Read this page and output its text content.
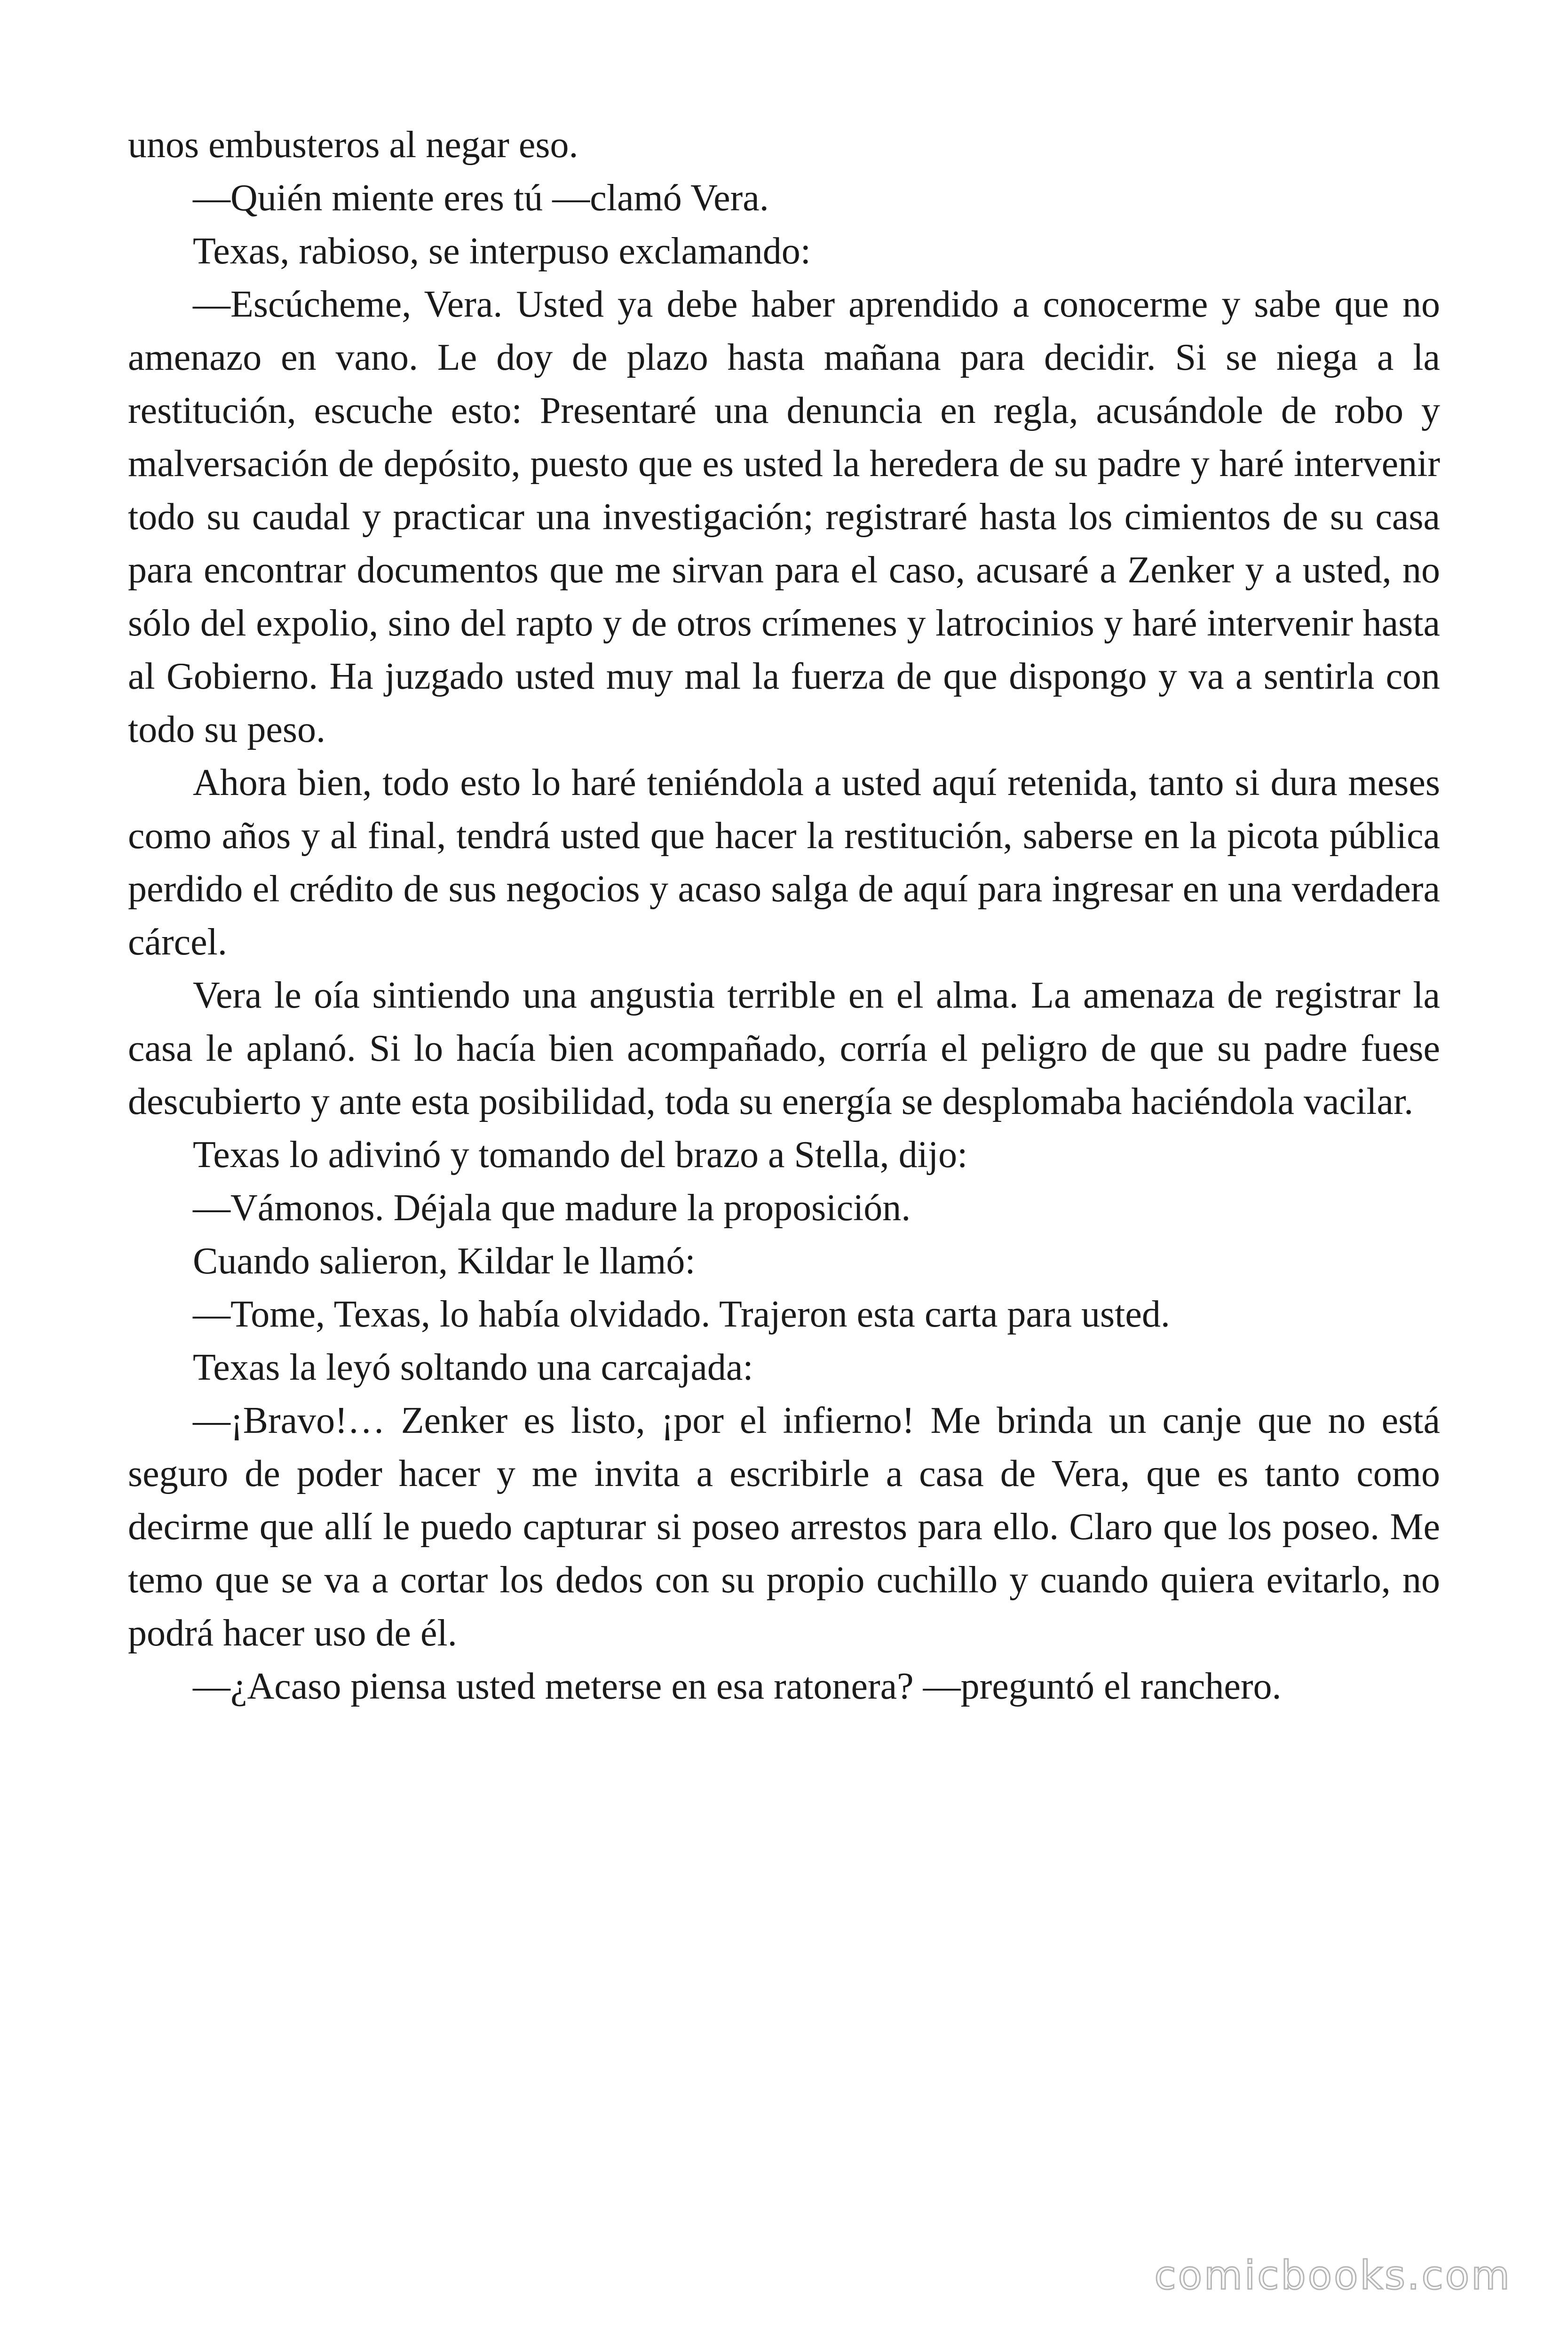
unos embusteros al negar eso.

—Quién miente eres tú —clamó Vera.

Texas, rabioso, se interpuso exclamando:

—Escúcheme, Vera. Usted ya debe haber aprendido a conocerme y sabe que no amenazo en vano. Le doy de plazo hasta mañana para decidir. Si se niega a la restitución, escuche esto: Presentaré una denuncia en regla, acusándole de robo y malversación de depósito, puesto que es usted la heredera de su padre y haré intervenir todo su caudal y practicar una investigación; registraré hasta los cimientos de su casa para encontrar documentos que me sirvan para el caso, acusaré a Zenker y a usted, no sólo del expolio, sino del rapto y de otros crímenes y latrocinios y haré intervenir hasta al Gobierno. Ha juzgado usted muy mal la fuerza de que dispongo y va a sentirla con todo su peso.

Ahora bien, todo esto lo haré teniéndola a usted aquí retenida, tanto si dura meses como años y al final, tendrá usted que hacer la restitución, saberse en la picota pública perdido el crédito de sus negocios y acaso salga de aquí para ingresar en una verdadera cárcel.

Vera le oía sintiendo una angustia terrible en el alma. La amenaza de registrar la casa le aplanó. Si lo hacía bien acompañado, corría el peligro de que su padre fuese descubierto y ante esta posibilidad, toda su energía se desplomaba haciéndola vacilar.

Texas lo adivinó y tomando del brazo a Stella, dijo:

—Vámonos. Déjala que madure la proposición.

Cuando salieron, Kildar le llamó:

—Tome, Texas, lo había olvidado. Trajeron esta carta para usted.

Texas la leyó soltando una carcajada:

—¡Bravo!… Zenker es listo, ¡por el infierno! Me brinda un canje que no está seguro de poder hacer y me invita a escribirle a casa de Vera, que es tanto como decirme que allí le puedo capturar si poseo arrestos para ello. Claro que los poseo. Me temo que se va a cortar los dedos con su propio cuchillo y cuando quiera evitarlo, no podrá hacer uso de él.

—¿Acaso piensa usted meterse en esa ratonera? —preguntó el ranchero.

comicbooks.com
